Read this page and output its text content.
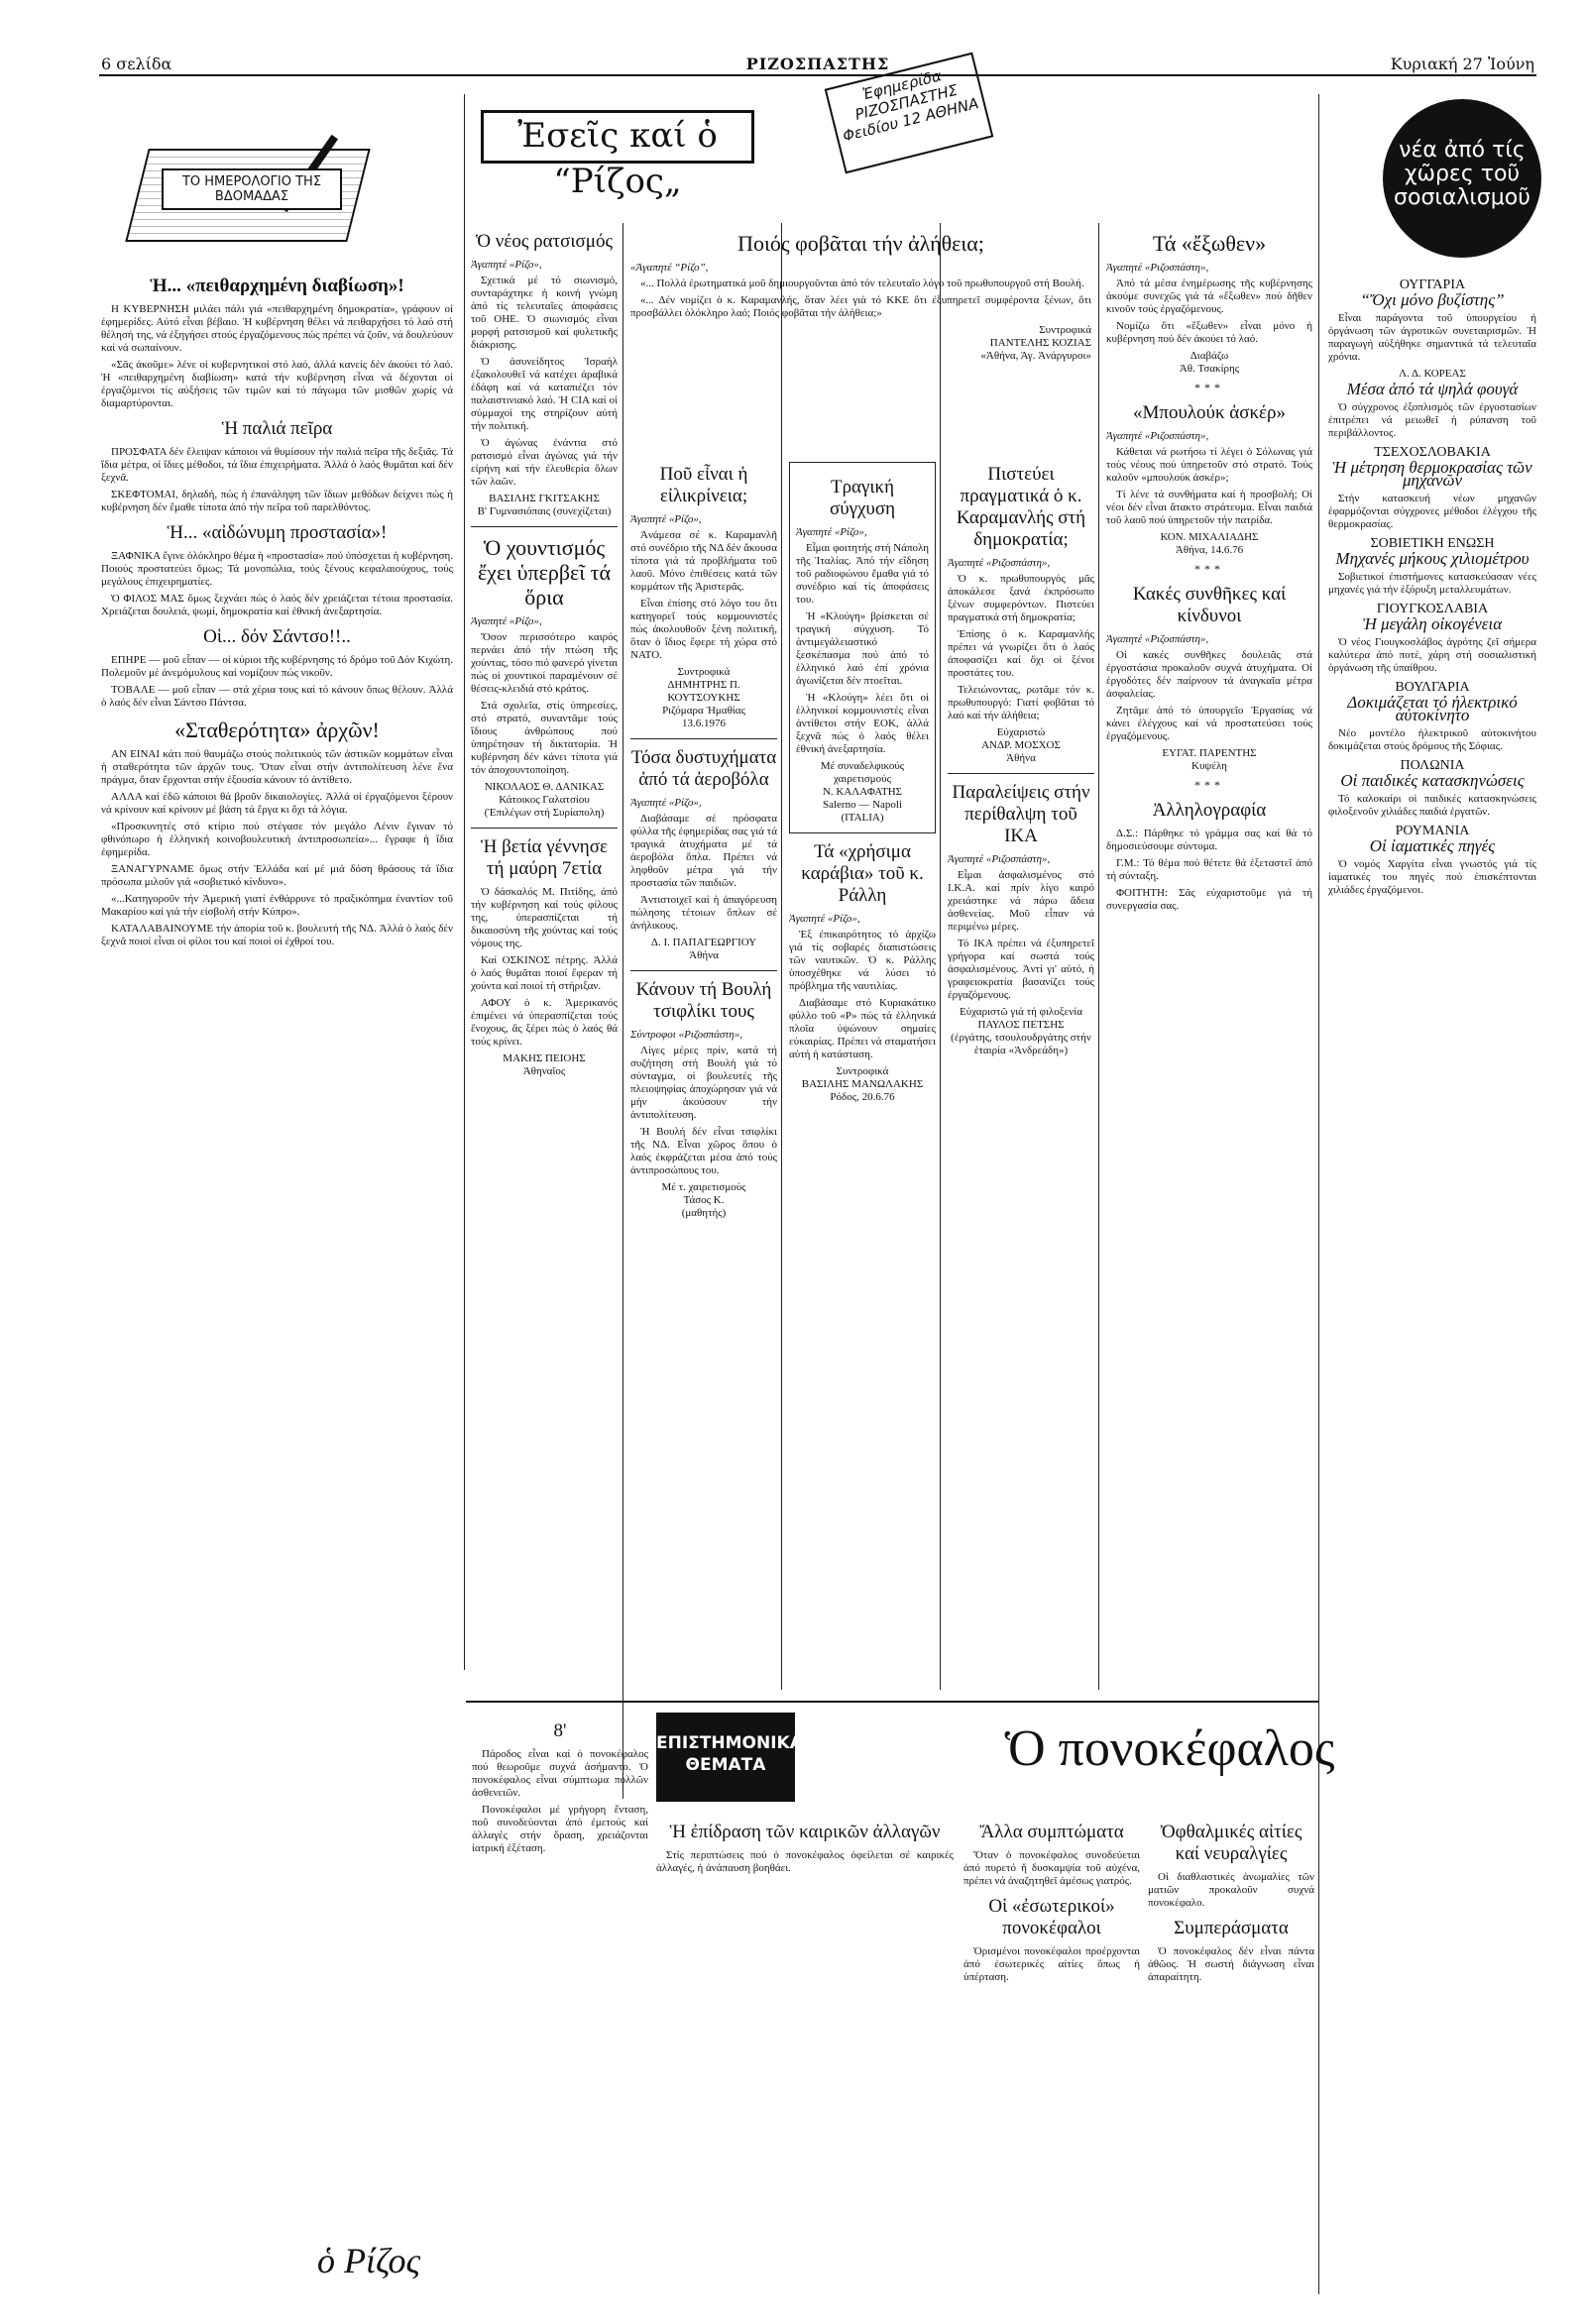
6 σελίδα	ΡΙΖΟΣΠΑΣΤΗΣ	Κυριακή 27 Ἰούνη
ΤΟ ΗΜΕΡΟΛΟΓΙΟ ΤΗΣ ΒΔΟΜΑΔΑΣ
Ἐσεῖς καί ὁ “Ρίζος„
Ἐφημερίδα ΡΙΖΟΣΠΑΣΤΗΣ Φειδίου 12 ΑΘΗΝΑ
νέα ἀπό τίς χῶρες τοῦ σοσιαλισμοῦ
Ἡ... «πειθαρχημένη διαβίωση»!

Η ΚΥΒΕΡΝΗΣΗ μιλάει πάλι γιά «πειθαρχημένη δημοκρατία», γράφουν οἱ ἐφημερίδες. Αὐτό εἶναι βέβαιο. Ἡ κυβέρνηση θέλει νά πειθαρχήσει τό λαό στή θέλησή της, νά ἐξηγήσει στούς ἐργαζόμενους πώς πρέπει νά ζοῦν, νά δουλεύουν καί νά σωπαίνουν.

«Σᾶς ἀκοῦμε» λένε οἱ κυβερνητικοί στό λαό, ἀλλά κανείς δέν ἀκούει τό λαό. Ἡ «πειθαρχημένη διαβίωση» κατά τήν κυβέρνηση εἶναι νά δέχονται οἱ ἐργαζόμενοι τίς αὐξήσεις τῶν τιμῶν καί τό πάγωμα τῶν μισθῶν χωρίς νά διαμαρτύρονται.

Ἡ παλιά πεῖρα

ΠΡΟΣΦΑΤΑ δέν ἔλειψαν κάποιοι νά θυμίσουν τήν παλιά πεῖρα τῆς δεξιᾶς. Τά ἴδια μέτρα, οἱ ἴδιες μέθοδοι, τά ἴδια ἐπιχειρήματα. Ἀλλά ὁ λαός θυμᾶται καί δέν ξεχνᾶ.

ΣΚΕΦΤΟΜΑΙ, δηλαδή, πώς ἡ ἐπανάληψη τῶν ἴδιων μεθόδων δείχνει πώς ἡ κυβέρνηση δέν ἔμαθε τίποτα ἀπό τήν πεῖρα τοῦ παρελθόντος.

Ἡ... «αἰδώνυμη προστασία»!

ΞΑΦΝΙΚΑ ἔγινε ὁλόκληρο θέμα ἡ «προστασία» πού ὑπόσχεται ἡ κυβέρνηση. Ποιούς προστατεύει ὅμως; Τά μονοπώλια, τούς ξένους κεφαλαιούχους, τούς μεγάλους ἐπιχειρηματίες.

Ὁ ΦΙΛΟΣ ΜΑΣ ὅμως ξεχνάει πώς ὁ λαός δέν χρειάζεται τέτοια προστασία. Χρειάζεται δουλειά, ψωμί, δημοκρατία καί ἐθνική ἀνεξαρτησία.

Οἱ... δόν Σάντσο!!..

ΕΠΗΡΕ — μοῦ εἶπαν — οἱ κύριοι τῆς κυβέρνησης τό δρόμο τοῦ Δόν Κιχώτη. Πολεμοῦν μέ ἀνεμόμυλους καί νομίζουν πώς νικοῦν.

ΤΟΒΑΛΕ — μοῦ εἶπαν — στά χέρια τους καί τό κάνουν ὅπως θέλουν. Ἀλλά ὁ λαός δέν εἶναι Σάντσο Πάντσα.

«Σταθερότητα» ἀρχῶν!

ΑΝ ΕΙΝΑΙ κάτι πού θαυμάζω στούς πολιτικούς τῶν ἀστικῶν κομμάτων εἶναι ἡ σταθερότητα τῶν ἀρχῶν τους. Ὅταν εἶναι στήν ἀντιπολίτευση λένε ἕνα πράγμα, ὅταν ἔρχονται στήν ἐξουσία κάνουν τό ἀντίθετο.

ΑΛΛΑ καί ἐδῶ κάποιοι θά βροῦν δικαιολογίες. Ἀλλά οἱ ἐργαζόμενοι ξέρουν νά κρίνουν καί κρίνουν μέ βάση τά ἔργα κι ὄχι τά λόγια.

«Προσκυνητές στό κτίριο πού στέγασε τόν μεγάλο Λένιν ἔγιναν τό φθινόπωρο ἡ ἑλληνική κοινοβουλευτική ἀντιπροσωπεία»... ἔγραφε ἡ ἴδια ἐφημερίδα.

ΞΑΝΑΓΥΡΝΑΜΕ ὅμως στήν Ἑλλάδα καί μέ μιά δόση θράσους τά ἴδια πρόσωπα μιλοῦν γιά «σοβιετικό κίνδυνο».

«...Κατηγοροῦν τήν Ἀμερική γιατί ἐνθάρρυνε τό πραξικόπημα ἐναντίον τοῦ Μακαρίου καί γιά τήν εἰσβολή στήν Κύπρο».

ΚΑΤΑΛΑΒΑΙΝΟΥΜΕ τήν ἀπορία τοῦ κ. βουλευτή τῆς ΝΔ. Ἀλλά ὁ λαός δέν ξεχνᾶ ποιοί εἶναι οἱ φίλοι του καί ποιοί οἱ ἐχθροί του.

ὁ Ρίζος
Ὁ νέος ρατσισμός
Ἀγαπητέ «Ρίζο»,

Σχετικά μέ τό σιωνισμό, συνταράχτηκε ἡ κοινή γνώμη ἀπό τίς τελευταῖες ἀποφάσεις τοῦ ΟΗΕ. Ὁ σιωνισμός εἶναι μορφή ρατσισμοῦ καί φυλετικῆς διάκρισης.

Ὁ ἀσυνείδητος Ἰσραήλ ἐξακολουθεῖ νά κατέχει ἀραβικά ἐδάφη καί νά καταπιέζει τόν παλαιστινιακό λαό. Ἡ CIA καί οἱ σύμμαχοί της στηρίζουν αὐτή τήν πολιτική.

Ὁ ἀγώνας ἐνάντια στό ρατσισμό εἶναι ἀγώνας γιά τήν εἰρήνη καί τήν ἐλευθερία ὅλων τῶν λαῶν.

ΒΑΣΙΛΗΣ ΓΚΙΤΣΑΚΗΣ
Β' Γυμνασιόπαις (συνεχίζεται)
Ὁ χουντισμός ἔχει ὑπερβεῖ τά ὅρια
Ἀγαπητέ «Ρίζο»,

Ὅσον περισσότερο καιρός περνάει ἀπό τήν πτώση τῆς χούντας, τόσο πιό φανερό γίνεται πώς οἱ χουντικοί παραμένουν σέ θέσεις-κλειδιά στό κράτος.

Στά σχολεῖα, στίς ὑπηρεσίες, στό στρατό, συναντᾶμε τούς ἴδιους ἀνθρώπους πού ὑπηρέτησαν τή δικτατορία. Ἡ κυβέρνηση δέν κάνει τίποτα γιά τόν ἀποχουντοποίηση.

ΝΙΚΟΛΑΟΣ Θ. ΔΑΝΙΚΑΣ
Κάτοικος Γαλατσίου
(Ἐπιλέγων στή Συρίαπολη)
Ἡ βετία γέννησε τή μαύρη 7ετία

Ὁ δάσκαλός Μ. Πιτίδης, ἀπό τήν κυβέρνηση καί τούς φίλους της, ὑπερασπίζεται τή δικαιοσύνη τῆς χούντας καί τούς νόμους της.

Καί ΟΣΚΙΝΟΣ πέτρης. Ἀλλά ὁ λαός θυμᾶται ποιοί ἔφεραν τή χούντα καί ποιοί τή στήριξαν.

ΑΦΟΥ ὁ κ. Ἀμερικανός ἐπιμένει νά ὑπερασπίζεται τούς ἔνοχους, ἄς ξέρει πώς ὁ λαός θά τούς κρίνει.

ΜΑΚΗΣ ΠΕΙΟΗΣ
Ἀθηναῖος
Ποιός φοβᾶται τήν ἀλήθεια;
«Ἀγαπητέ “Ρίζο”,

«... Πολλά ἐρωτηματικά μοῦ δημιουργοῦνται ἀπό τόν τελευταῖο λόγο τοῦ πρωθυπουργοῦ στή Βουλή.

«... Δέν νομίζει ὁ κ. Καραμανλής, ὅταν λέει γιά τό ΚΚΕ ὅτι ἐξυπηρετεῖ συμφέροντα ξένων, ὅτι προσβάλλει ὁλόκληρο λαό; Ποιός φοβᾶται τήν ἀλήθεια;»

Συντροφικά
ΠΑΝΤΕΛΗΣ ΚΟΖΙΑΣ
«Ἀθήνα, Άγ. Ἀνάργυροι»
Ποῦ εἶναι ἡ εἰλικρίνεια;
Ἀγαπητέ «Ρίζο»,

Ἀνάμεσα σέ κ. Καραμανλῆ στό συνέδριο τῆς ΝΔ δέν ἄκουσα τίποτα γιά τά προβλήματα τοῦ λαοῦ. Μόνο ἐπιθέσεις κατά τῶν κομμάτων τῆς Ἀριστερᾶς.

Εἶναι ἐπίσης στό λόγο του ὅτι κατηγορεῖ τούς κομμουνιστές πώς ἀκολουθοῦν ξένη πολιτική, ὅταν ὁ ἴδιος ἔφερε τή χώρα στό ΝΑΤΟ.

Συντροφικά
ΔΗΜΗΤΡΗΣ Π. ΚΟΥΤΣΟΥΚΗΣ
Ριζόμαρα Ἠμαθίας
13.6.1976
Τόσα δυστυχήματα ἀπό τά ἀεροβόλα
Ἀγαπητέ «Ρίζο»,

Διαβάσαμε σέ πρόσφατα φύλλα τῆς ἐφημερίδας σας γιά τά τραγικά ἀτυχήματα μέ τά ἀεροβόλα ὅπλα. Πρέπει νά ληφθοῦν μέτρα γιά τήν προστασία τῶν παιδιῶν.

Ἀντιστοιχεῖ καί ἡ ἀπαγόρευση πώλησης τέτοιων ὅπλων σέ ἀνήλικους.

Δ. Ι. ΠΑΠΑΓΕΩΡΓΙΟΥ
Ἀθήνα
Κάνουν τή Βουλή τσιφλίκι τους
Σύντροφοι «Ριζοσπάστη»,

Λίγες μέρες πρίν, κατά τή συζήτηση στή Βουλή γιά τό σύνταγμα, οἱ βουλευτές τῆς πλειοψηφίας ἀποχώρησαν γιά νά μήν ἀκούσουν τήν ἀντιπολίτευση.

Ἡ Βουλή δέν εἶναι τσιφλίκι τῆς ΝΔ. Εἶναι χῶρος ὅπου ὁ λαός ἐκφράζεται μέσα ἀπό τούς ἀντιπροσώπους του.

Μέ τ. χαιρετισμούς
Τάσος Κ.
(μαθητής)
Τραγική σύγχυση
Ἀγαπητέ «Ρίζο»,

Εἶμαι φοιτητής στή Νάπολη τῆς Ἰταλίας. Ἀπό τήν εἴδηση τοῦ ραδιοφώνου ἔμαθα γιά τό συνέδριο καί τίς ἀποφάσεις του.

Ἡ «Κλούγη» βρίσκεται σέ τραγική σύγχυση. Τό ἀντιμεγάλειαστικό ξεσκέπασμα πού ἀπό τό ἑλληνικό λαό ἐπί χρόνια ἀγωνίζεται δέν πτοεῖται.

Ἡ «Κλούγη» λέει ὅτι οἱ ἑλληνικοί κομμουνιστές εἶναι ἀντίθετοι στήν ΕΟΚ, ἀλλά ξεχνᾶ πώς ὁ λαός θέλει ἐθνική ἀνεξαρτησία.

Μέ συναδελφικούς χαιρετισμούς
Ν. ΚΑΛΑΦΑΤΗΣ
Salerno — Napoli
(ITALIA)
Τά «χρήσιμα καράβια» τοῦ κ. Ράλλη
Ἀγαπητέ «Ρίζο»,

Ἐξ ἐπικαιρότητος τό ἀρχίζω γιά τίς σοβαρές διαπιστώσεις τῶν ναυτικῶν. Ὁ κ. Ράλλης ὑποσχέθηκε νά λύσει τό πρόβλημα τῆς ναυτιλίας.

Διαβάσαμε στό Κυριακάτικο φύλλο τοῦ «Ρ» πώς τά ἑλληνικά πλοῖα ὑψώνουν σημαίες εὐκαιρίας. Πρέπει νά σταματήσει αὐτή ἡ κατάσταση.

Συντροφικά
ΒΑΣΙΛΗΣ ΜΑΝΩΛΑΚΗΣ
Ρόδος, 20.6.76
Πιστεύει πραγματικά ὁ κ. Καραμανλής στή δημοκρατία;
Ἀγαπητέ «Ριζοσπάστη»,

Ὁ κ. πρωθυπουργός μᾶς ἀποκάλεσε ξανά ἐκπρόσωπο ξένων συμφερόντων. Πιστεύει πραγματικά στή δημοκρατία;

Ἐπίσης ὁ κ. Καραμανλής πρέπει νά γνωρίζει ὅτι ὁ λαός ἀποφασίζει καί ὄχι οἱ ξένοι προστάτες του.

Τελειώνοντας, ρωτᾶμε τόν κ. πρωθυπουργό: Γιατί φοβᾶται τό λαό καί τήν ἀλήθεια;

Εὐχαριστώ
ΑΝΔΡ. ΜΟΣΧΟΣ
Ἀθήνα
Παραλείψεις στήν περίθαλψη τοῦ ΙΚΑ
Ἀγαπητέ «Ριζοσπάστη»,

Εἶμαι ἀσφαλισμένος στό Ι.Κ.Α. καί πρίν λίγο καιρό χρειάστηκε νά πάρω ἄδεια ἀσθενείας. Μοῦ εἶπαν νά περιμένω μέρες.

Τό ΙΚΑ πρέπει νά ἐξυπηρετεῖ γρήγορα καί σωστά τούς ἀσφαλισμένους. Ἀντί γι' αὐτό, ἡ γραφειοκρατία βασανίζει τούς ἐργαζόμενους.

Εὐχαριστῶ γιά τή φιλοξενία
ΠΑΥΛΟΣ ΠΕΤΣΗΣ
(ἐργάτης, τσουλουδργάτης στήν ἑταιρία «Ἀνδρεάδη»)
Τά «ἔξωθεν»
Ἀγαπητέ «Ριζοσπάστη»,

Ἀπό τά μέσα ἐνημέρωσης τῆς κυβέρνησης ἀκούμε συνεχῶς γιά τά «ἔξωθεν» πού δῆθεν κινοῦν τούς ἐργαζόμενους.

Νομίζω ὅτι «ἔξωθεν» εἶναι μόνο ἡ κυβέρνηση πού δέν ἀκούει τό λαό.

Διαβάζω
Ἀθ. Τσακίρης
***
«Μπουλούκ ἀσκέρ»
Ἀγαπητέ «Ριζοσπάστη»,

Κάθεται νά ρωτήσω τί λέγει ὁ Σόλωνας γιά τούς νέους πού ὑπηρετοῦν στό στρατό. Τούς καλοῦν «μπουλούκ ἀσκέρ»;

Τί λένε τά συνθήματα καί ἡ προσβολή; Οἱ νέοι δέν εἶναι ἄτακτο στράτευμα. Εἶναι παιδιά τοῦ λαοῦ πού ὑπηρετοῦν τήν πατρίδα.

ΚΟΝ. ΜΙΧΑΛΙΑΔΗΣ
Ἀθήνα, 14.6.76
***
Κακές συνθῆκες καί κίνδυνοι
Ἀγαπητέ «Ριζοσπάστη»,

Οἱ κακές συνθῆκες δουλειᾶς στά ἐργοστάσια προκαλοῦν συχνά ἀτυχήματα. Οἱ ἐργοδότες δέν παίρνουν τά ἀναγκαῖα μέτρα ἀσφαλείας.

Ζητᾶμε ἀπό τό ὑπουργεῖο Ἐργασίας νά κάνει ἐλέγχους καί νά προστατεύσει τούς ἐργαζόμενους.

ΕΥΓΑΤ. ΠΑΡΕΝΤΗΣ
Κυψέλη
***
Ἀλληλογραφία

Δ.Σ.: Πάρθηκε τό γράμμα σας καί θά τό δημοσιεύσουμε σύντομα.

Γ.Μ.: Τό θέμα πού θέτετε θά ἐξεταστεῖ ἀπό τή σύνταξη.

ΦΟΙΤΗΤΗ: Σᾶς εὐχαριστοῦμε γιά τή συνεργασία σας.

ΟΥΓΓΑΡΙΑ
“Ὄχι μόνο βυζίστης”

Εἶναι παράγοντα τοῦ ὑπουργείου ἡ ὀργάνωση τῶν ἀγροτικῶν συνεταιρισμῶν. Ἡ παραγωγή αὐξήθηκε σημαντικά τά τελευταῖα χρόνια.

Λ. Δ. ΚΟΡΕΑΣ
Μέσα ἀπό τά ψηλά φουγά

Ὁ σύγχρονος ἐξοπλισμός τῶν ἐργοστασίων ἐπιτρέπει νά μειωθεῖ ἡ ρύπανση τοῦ περιβάλλοντος.

ΤΣΕΧΟΣΛΟΒΑΚΙΑ
Ἡ μέτρηση θερμοκρασίας τῶν μηχανῶν

Στήν κατασκευή νέων μηχανῶν ἐφαρμόζονται σύγχρονες μέθοδοι ἐλέγχου τῆς θερμοκρασίας.

ΣΟΒΙΕΤΙΚΗ ΕΝΩΣΗ
Μηχανές μήκους χιλιομέτρου

Σοβιετικοί ἐπιστήμονες κατασκεύασαν νέες μηχανές γιά τήν ἐξόρυξη μεταλλευμάτων.

ΓΙΟΥΓΚΟΣΛΑΒΙΑ
Ἡ μεγάλη οἰκογένεια

Ὁ νέος Γιουγκοσλάβος ἀγρότης ζεῖ σήμερα καλύτερα ἀπό ποτέ, χάρη στή σοσιαλιστική ὀργάνωση τῆς ὑπαίθρου.

ΒΟΥΛΓΑΡΙΑ
Δοκιμάζεται τό ἠλεκτρικό αὐτοκίνητο

Νέο μοντέλο ἠλεκτρικοῦ αὐτοκινήτου δοκιμάζεται στούς δρόμους τῆς Σόφιας.

ΠΟΛΩΝΙΑ
Οἱ παιδικές κατασκηνώσεις

Τό καλοκαίρι οἱ παιδικές κατασκηνώσεις φιλοξενοῦν χιλιάδες παιδιά ἐργατῶν.

ΡΟΥΜΑΝΙΑ
Οἱ ἰαματικές πηγές

Ὁ νομός Χαργίτα εἶναι γνωστός γιά τίς ἰαματικές του πηγές πού ἐπισκέπτονται χιλιάδες ἐργαζόμενοι.

ΕΠΙΣΤΗΜΟΝΙΚΑ ΘΕΜΑΤΑ	Ὁ πονοκέφαλος
8'

Πάροδος εἶναι καί ὁ πονοκέφαλος πού θεωροῦμε συχνά ἀσήμαντο. Ὁ πονοκέφαλος εἶναι σύμπτωμα πολλῶν ἀσθενειῶν.

Πονοκέφαλοι μέ γρήγορη ἔνταση, ποῦ συνοδεύονται ἀπό ἐμετούς καί ἀλλαγές στήν ὅραση, χρειάζονται ἰατρική ἐξέταση.

Ἡ ἐπίδραση τῶν καιρικῶν ἀλλαγῶν

Στίς περιπτώσεις πού ὁ πονοκέφαλος ὀφείλεται σέ καιρικές ἀλλαγές, ἡ ἀνάπαυση βοηθάει.

Ἄλλα συμπτώματα

Ὅταν ὁ πονοκέφαλος συνοδεύεται ἀπό πυρετό ἤ δυσκαμψία τοῦ αὐχένα, πρέπει νά ἀναζητηθεῖ ἀμέσως γιατρός.

Οἱ «ἐσωτερικοί» πονοκέφαλοι

Ὁρισμένοι πονοκέφαλοι προέρχονται ἀπό ἐσωτερικές αἰτίες ὅπως ἡ ὑπέρταση.

Ὀφθαλμικές αἰτίες καί νευραλγίες

Οἱ διαθλαστικές ἀνωμαλίες τῶν ματιῶν προκαλοῦν συχνά πονοκέφαλο.

Συμπεράσματα

Ὁ πονοκέφαλος δέν εἶναι πάντα ἀθῶος. Ἡ σωστή διάγνωση εἶναι ἀπαραίτητη.
